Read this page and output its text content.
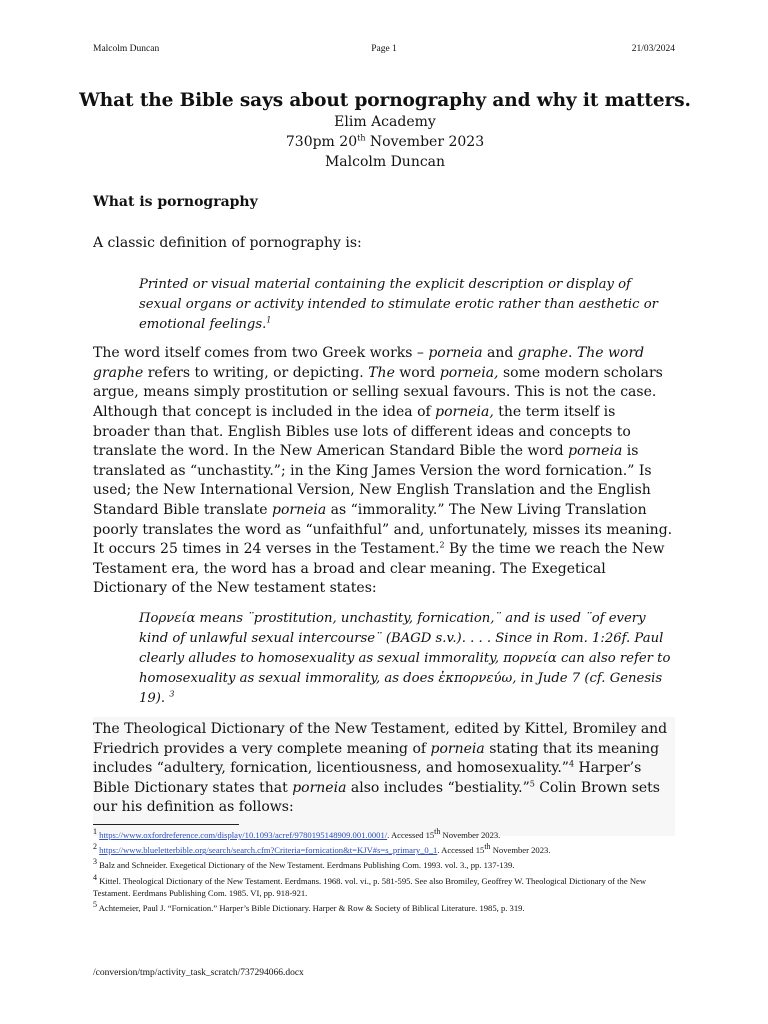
Malcolm Duncan	Page 1	21/03/2024
What the Bible says about pornography and why it matters.
Elim Academy
730pm 20th November 2023
Malcolm Duncan

What is pornography

A classic definition of pornography is:

Printed or visual material containing the explicit description or display of sexual organs or activity intended to stimulate erotic rather than aesthetic or emotional feelings.$^1$

The word itself comes from two Greek works – porneia and graphe. The word graphe refers to writing, or depicting. The word porneia, some modern scholars argue, means simply prostitution or selling sexual favours. This is not the case. Although that concept is included in the idea of porneia, the term itself is broader than that. English Bibles use lots of different ideas and concepts to translate the word. In the New American Standard Bible the word porneia is translated as “unchastity.”; in the King James Version the word fornication.” Is used; the New International Version, New English Translation and the English Standard Bible translate porneia as “immorality.” The New Living Translation poorly translates the word as “unfaithful” and, unfortunately, misses its meaning. It occurs 25 times in 24 verses in the Testament.$^2$ By the time we reach the New Testament era, the word has a broad and clear meaning. The Exegetical Dictionary of the New testament states:

Πορνεία means ¨prostitution, unchastity, fornication,¨ and is used ¨of every kind of unlawful sexual intercourse¨ (BAGD s.v.). . . . Since in Rom. 1:26f. Paul clearly alludes to homosexuality as sexual immorality, πορνεία can also refer to homosexuality as sexual immorality, as does ἐκπορνεύω, in Jude 7 (cf. Genesis 19). $^3$

The Theological Dictionary of the New Testament, edited by Kittel, Bromiley and Friedrich provides a very complete meaning of porneia stating that its meaning includes “adultery, fornication, licentiousness, and homosexuality.”$^4$ Harper’s Bible Dictionary states that porneia also includes “bestiality.”$^5$ Colin Brown sets our his definition as follows:

$^1$ https://www.oxfordreference.com/display/10.1093/acref/9780195148909.001.0001/. Accessed 15th November 2023.

$^2$ https://www.blueletterbible.org/search/search.cfm?Criteria=fornication&t=KJV#s=s_primary_0_1. Accessed 15th November 2023.

$^3$ Balz and Schneider. Exegetical Dictionary of the New Testament. Eerdmans Publishing Com. 1993. vol. 3., pp. 137-139.

$^4$ Kittel. Theological Dictionary of the New Testament. Eerdmans. 1968. vol. vi., p. 581-595. See also Bromiley, Geoffrey W. Theological Dictionary of the New Testament. Eerdmans Publishing Com. 1985. VI, pp. 918-921.

$^5$ Achtemeier, Paul J. “Fornication.” Harper’s Bible Dictionary. Harper & Row & Society of Biblical Literature. 1985, p. 319.

/conversion/tmp/activity_task_scratch/737294066.docx
